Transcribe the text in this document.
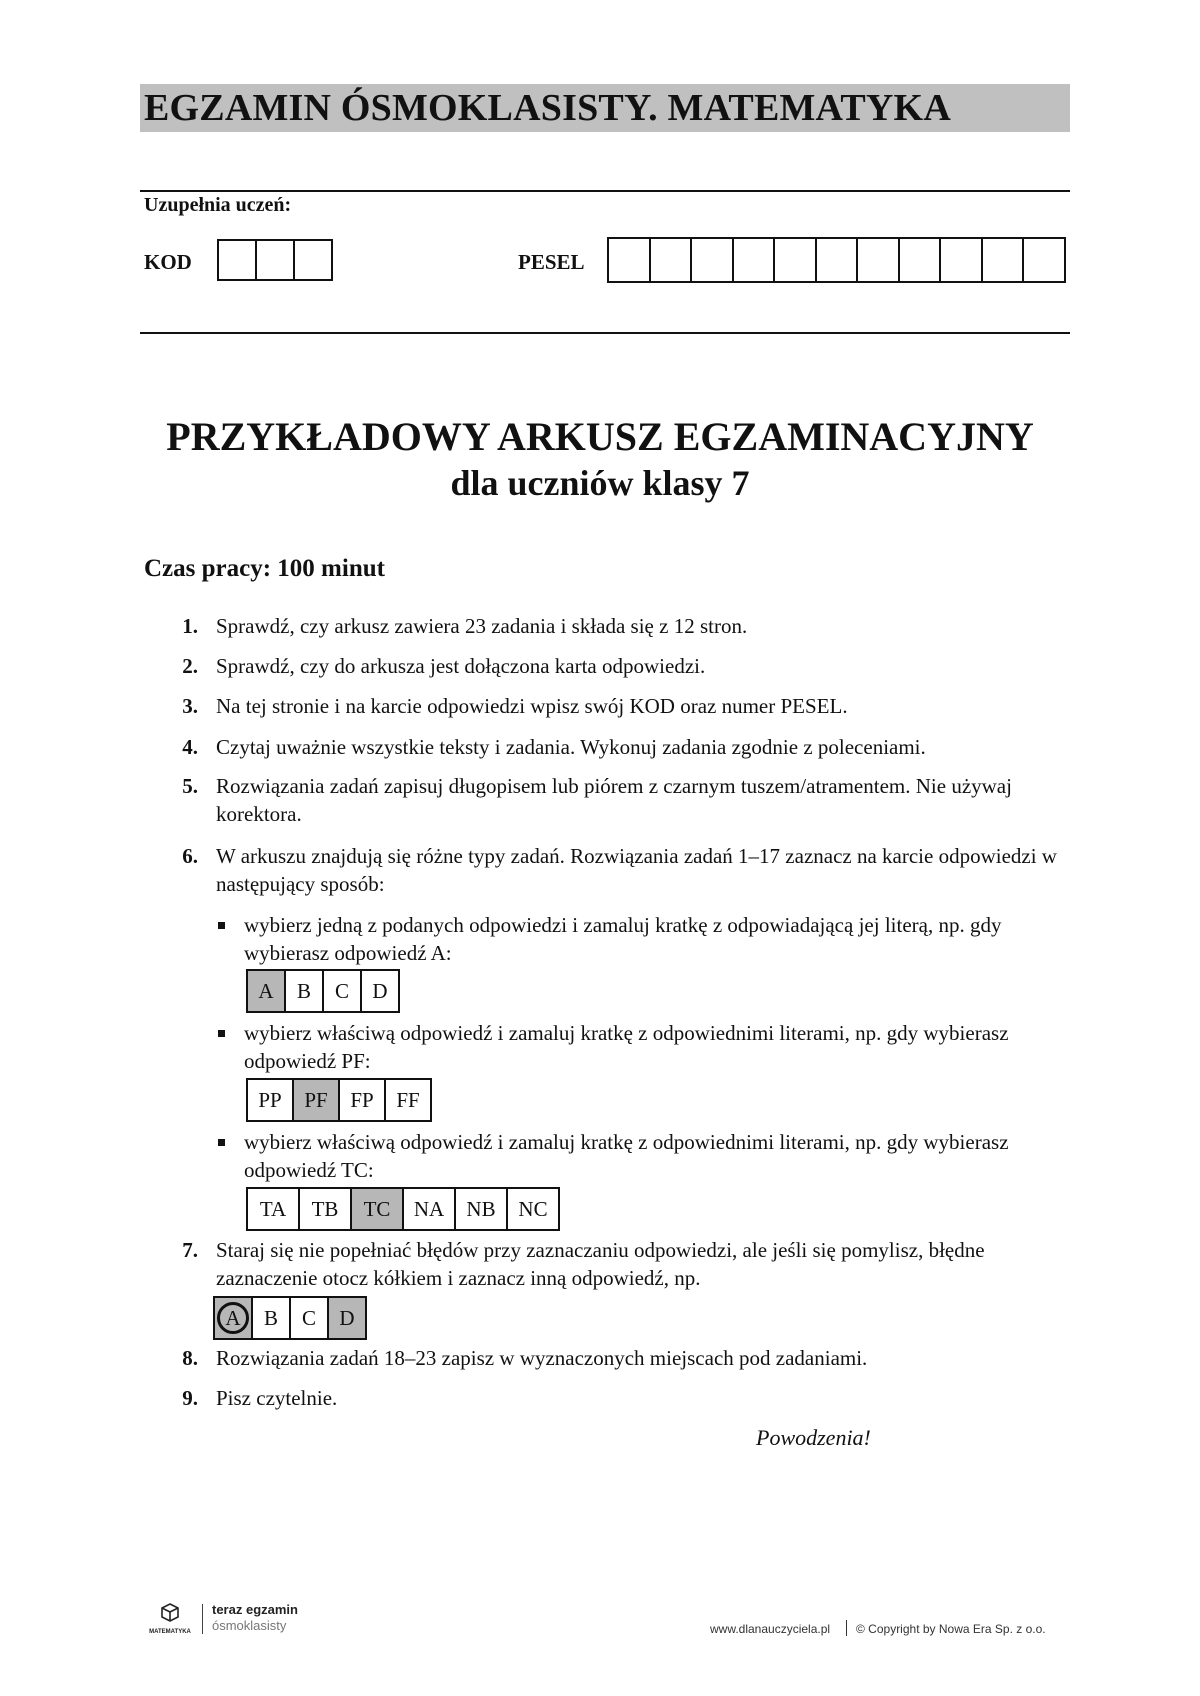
EGZAMIN ÓSMOKLASISTY. MATEMATYKA
Uzupełnia uczeń:
KOD	PESEL
PRZYKŁADOWY ARKUSZ EGZAMINACYJNY
dla uczniów klasy 7
Czas pracy: 100 minut
1. Sprawdź, czy arkusz zawiera 23 zadania i składa się z 12 stron.
2. Sprawdź, czy do arkusza jest dołączona karta odpowiedzi.
3. Na tej stronie i na karcie odpowiedzi wpisz swój KOD oraz numer PESEL.
4. Czytaj uważnie wszystkie teksty i zadania. Wykonuj zadania zgodnie z poleceniami.
5. Rozwiązania zadań zapisuj długopisem lub piórem z czarnym tuszem/atramentem. Nie używaj korektora.
6. W arkuszu znajdują się różne typy zadań. Rozwiązania zadań 1–17 zaznacz na karcie odpowiedzi w następujący sposób:
wybierz jedną z podanych odpowiedzi i zamaluj kratkę z odpowiadającą jej literą, np. gdy wybierasz odpowiedź A:
A	B	C	D
wybierz właściwą odpowiedź i zamaluj kratkę z odpowiednimi literami, np. gdy wybierasz odpowiedź PF:
PP	PF	FP	FF
wybierz właściwą odpowiedź i zamaluj kratkę z odpowiednimi literami, np. gdy wybierasz odpowiedź TC:
TA	TB	TC	NA	NB	NC
7. Staraj się nie popełniać błędów przy zaznaczaniu odpowiedzi, ale jeśli się pomylisz, błędne zaznaczenie otocz kółkiem i zaznacz inną odpowiedź, np.
A	B	C	D
8. Rozwiązania zadań 18–23 zapisz w wyznaczonych miejscach pod zadaniami.
9. Pisz czytelnie.
Powodzenia!
MATEMATYKA
teraz egzamin
ósmoklasisty	www.dlanauczyciela.pl © Copyright by Nowa Era Sp. z o.o.
